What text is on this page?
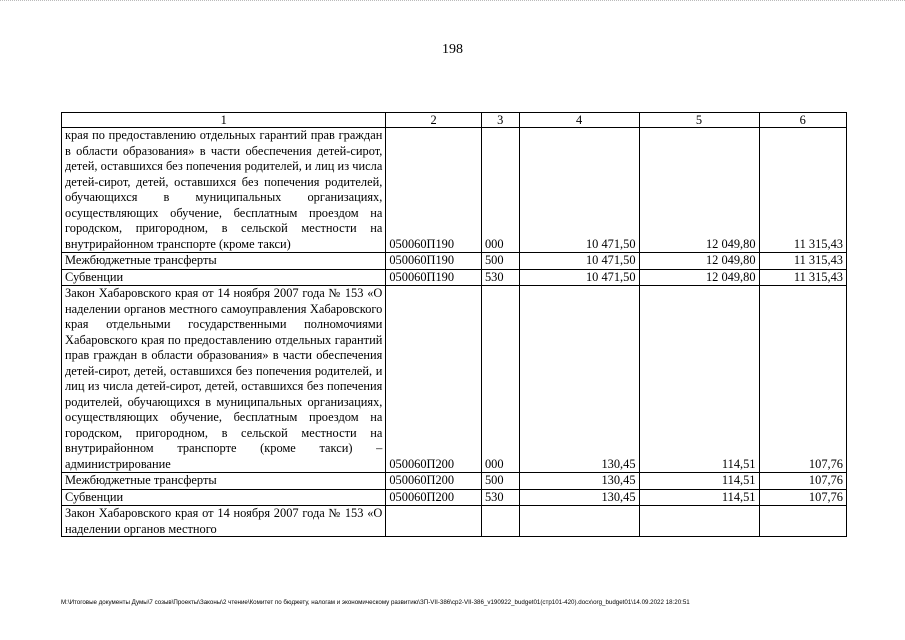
198
1	2	3	4	5	6
края по предоставлению отдельных гарантий прав граждан в области образования» в части обеспечения детей-сирот, детей, оставшихся без попечения родителей, и лиц из числа детей-сирот, детей, оставшихся без попечения родителей, обучающихся в муниципальных организациях, осуществляющих обучение, бесплатным проездом на городском, пригородном, в сельской местности на внутрирайонном транспорте (кроме такси)	050060П190	000	10 471,50	12 049,80	11 315,43
Межбюджетные трансферты	050060П190	500	10 471,50	12 049,80	11 315,43
Субвенции	050060П190	530	10 471,50	12 049,80	11 315,43
Закон Хабаровского края от 14 ноября 2007 года № 153 «О наделении органов местного самоуправления Хабаровского края отдельными государственными полномочиями Хабаровского края по предоставлению отдельных гарантий прав граждан в области образования» в части обеспечения детей-сирот, детей, оставшихся без попечения родителей, и лиц из числа детей-сирот, детей, оставшихся без попечения родителей, обучающихся в муниципальных организациях, осуществляющих обучение, бесплатным проездом на городском, пригородном, в сельской местности на внутрирайонном транспорте (кроме такси) – администрирование	050060П200	000	130,45	114,51	107,76
Межбюджетные трансферты	050060П200	500	130,45	114,51	107,76
Субвенции	050060П200	530	130,45	114,51	107,76

Закон Хабаровского края от 14 ноября 2007 года № 153 «О наделении органов местного					

M:\Итоговые документы Думы\7 созыв\Проекты\Законы\2 чтение\Комитет по бюджету, налогам и экономическому развитию\ЗП-VII-386\ср2-VII-386_v190922_budget01(стр101-420).docx\org_budget01\14.09.2022 18:20:51
